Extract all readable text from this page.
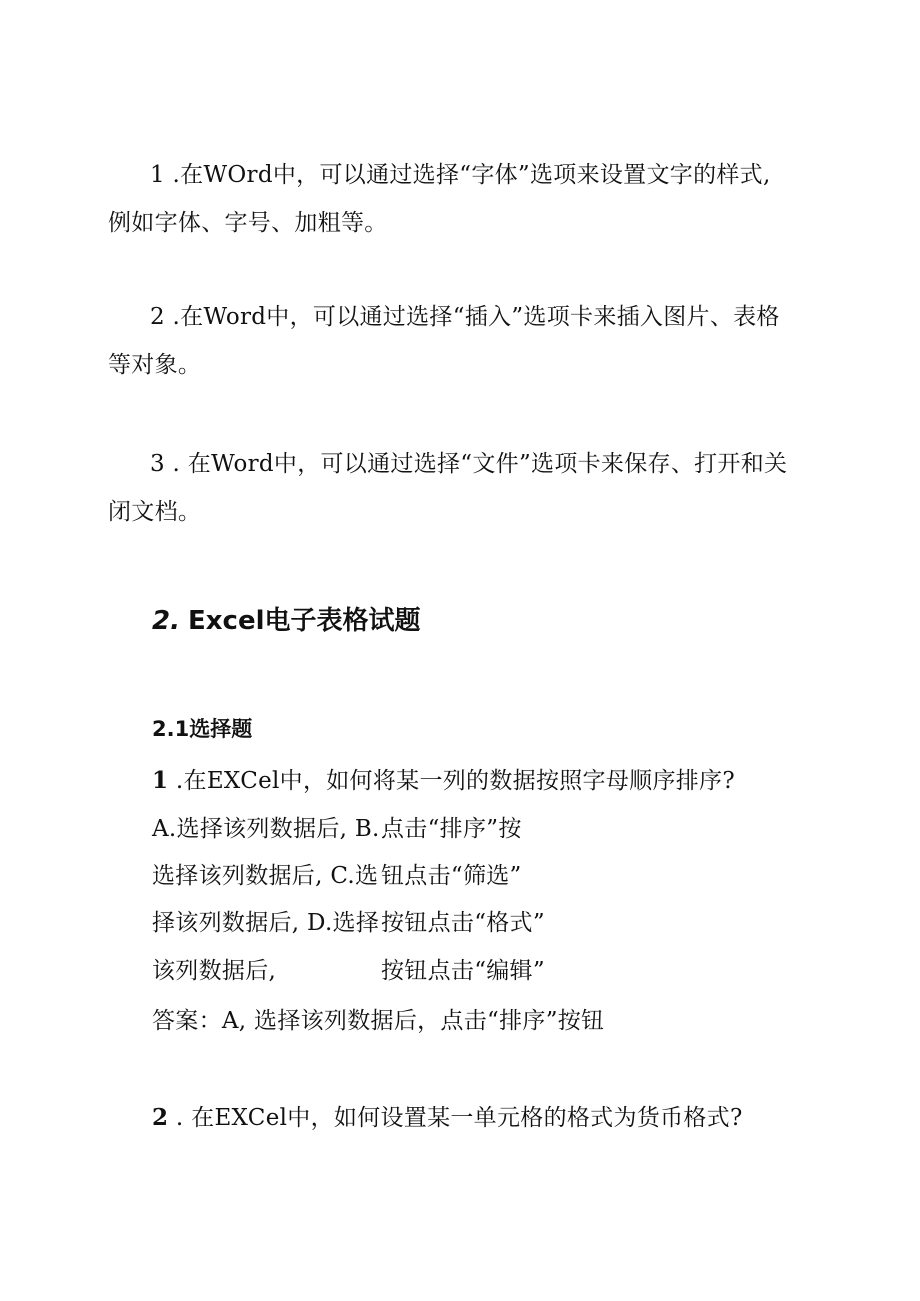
1 .在WOrd中，可以通过选择“字体”选项来设置文字的样式,
例如字体、字号、加粗等。
2 .在Word中，可以通过选择“插入”选项卡来插入图片、表格
等对象。
3 . 在Word中，可以通过选择“文件”选项卡来保存、打开和关
闭文档。
2. Excel电子表格试题
2.1选择题
1 .在EXCel中，如何将某一列的数据按照字母顺序排序?
A.选择该列数据后, B.
选择该列数据后, C.选
择该列数据后, D.选择
该列数据后,
点击“排序”按
钮点击“筛选”
按钮点击“格式”
按钮点击“编辑”
答案：A, 选择该列数据后，点击“排序”按钮
2 . 在EXCel中，如何设置某一单元格的格式为货币格式?
